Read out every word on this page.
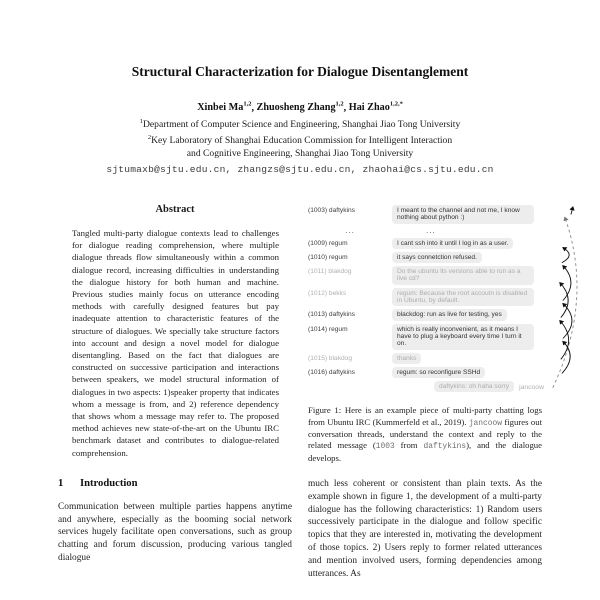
Structural Characterization for Dialogue Disentanglement
Xinbei Ma$^{1,2}$, Zhuosheng Zhang$^{1,2}$, Hai Zhao$^{1,2,*}$
$^1$Department of Computer Science and Engineering, Shanghai Jiao Tong University
$^2$Key Laboratory of Shanghai Education Commission for Intelligent Interaction
and Cognitive Engineering, Shanghai Jiao Tong University
sjtumaxb@sjtu.edu.cn, zhangzs@sjtu.edu.cn, zhaohai@cs.sjtu.edu.cn
Abstract
Tangled multi-party dialogue contexts lead to challenges for dialogue reading comprehension, where multiple dialogue threads flow simultaneously within a common dialogue record, increasing difficulties in understanding the dialogue history for both human and machine. Previous studies mainly focus on utterance encoding methods with carefully designed features but pay inadequate attention to characteristic features of the structure of dialogues. We specially take structure factors into account and design a novel model for dialogue disentangling. Based on the fact that dialogues are constructed on successive participation and interactions between speakers, we model structural information of dialogues in two aspects: 1)speaker property that indicates whom a message is from, and 2) reference dependency that shows whom a message may refer to. The proposed method achieves new state-of-the-art on the Ubuntu IRC benchmark dataset and contributes to dialogue-related comprehension.
1 Introduction
Communication between multiple parties happens anytime and anywhere, especially as the booming social network services hugely facilitate open conversations, such as group chatting and forum discussion, producing various tangled dialogue
(1003) daftykins	I meant to the channel and not me, I know nothing about python :)
...	...
(1009) regum	I cant ssh into it until I log in as a user.
(1010) regum	it says connetction refused.
(1011) blakdog	Do the ubuntu lts versions able to run as a live cd?
(1012) bekks	regum: Because the root accoutn is disabled in Ubuntu, by default.
(1013) daftykins	blackdog: run as live for testing, yes
(1014) regum	which is really inconvenient, as it means I have to plug a keyboard every time I turn it on.
(1015) blakdog	thanks
(1016) daftykins	regum: so reconfigure SSHd
daftykins: oh haha sorry	jancoow
Figure 1: Here is an example piece of multi-party chatting logs from Ubuntu IRC (Kummerfeld et al., 2019). jancoow figures out conversation threads, understand the context and reply to the related message (1003 from daftykins), and the dialogue develops.
much less coherent or consistent than plain texts. As the example shown in figure 1, the development of a multi-party dialogue has the following characteristics: 1) Random users successively participate in the dialogue and follow specific topics that they are interested in, motivating the development of those topics. 2) Users reply to former related utterances and mention involved users, forming dependencies among utterances. As
